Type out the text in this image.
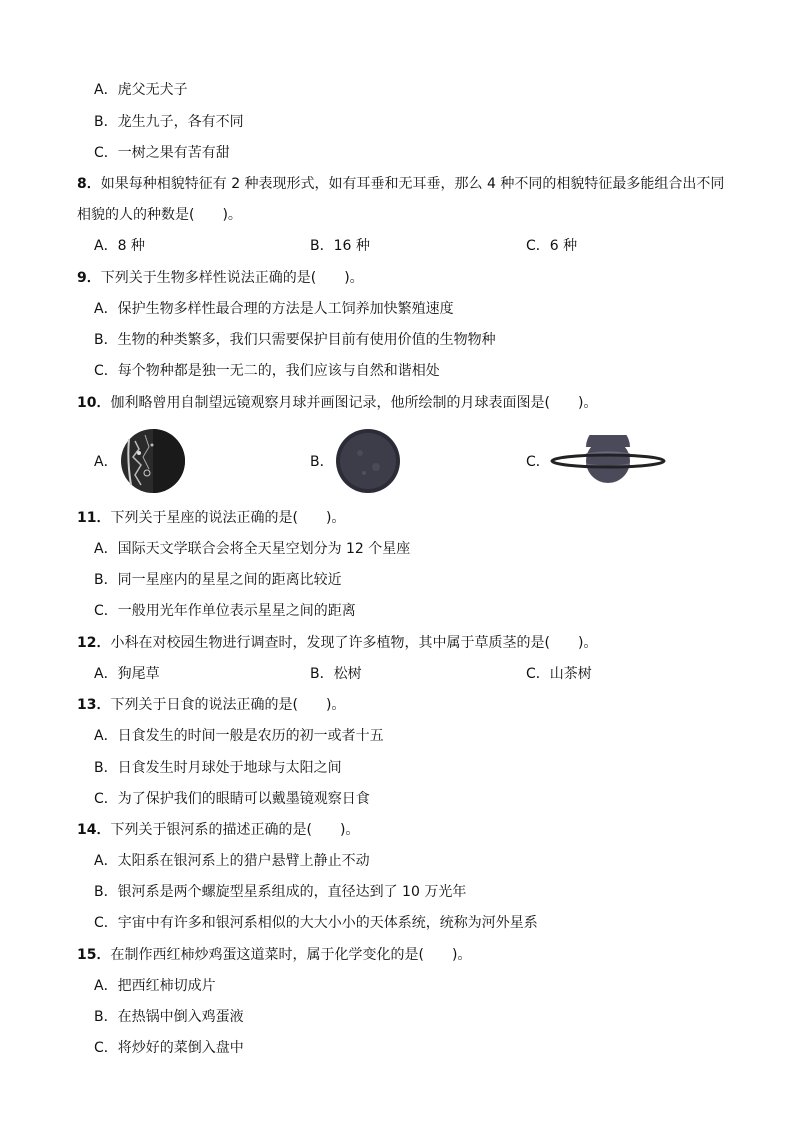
A．虎父无犬子
B．龙生九子，各有不同
C．一树之果有苦有甜
8．如果每种相貌特征有 2 种表现形式，如有耳垂和无耳垂，那么 4 种不同的相貌特征最多能组合出不同
相貌的人的种数是(　　)。
A．8 种	B．16 种	C．6 种
9．下列关于生物多样性说法正确的是(　　)。
A．保护生物多样性最合理的方法是人工饲养加快繁殖速度
B．生物的种类繁多，我们只需要保护目前有使用价值的生物物种
C．每个物种都是独一无二的，我们应该与自然和谐相处
10．伽利略曾用自制望远镜观察月球并画图记录，他所绘制的月球表面图是(　　)。
A．	B．	C．
11．下列关于星座的说法正确的是(　　)。
A．国际天文学联合会将全天星空划分为 12 个星座
B．同一星座内的星星之间的距离比较近
C．一般用光年作单位表示星星之间的距离
12．小科在对校园生物进行调查时，发现了许多植物，其中属于草质茎的是(　　)。
A．狗尾草	B．松树	C．山茶树
13．下列关于日食的说法正确的是(　　)。
A．日食发生的时间一般是农历的初一或者十五
B．日食发生时月球处于地球与太阳之间
C．为了保护我们的眼睛可以戴墨镜观察日食
14．下列关于银河系的描述正确的是(　　)。
A．太阳系在银河系上的猎户悬臂上静止不动
B．银河系是两个螺旋型星系组成的，直径达到了 10 万光年
C．宇宙中有许多和银河系相似的大大小小的天体系统，统称为河外星系
15．在制作西红柿炒鸡蛋这道菜时，属于化学变化的是(　　)。
A．把西红柿切成片
B．在热锅中倒入鸡蛋液
C．将炒好的菜倒入盘中
